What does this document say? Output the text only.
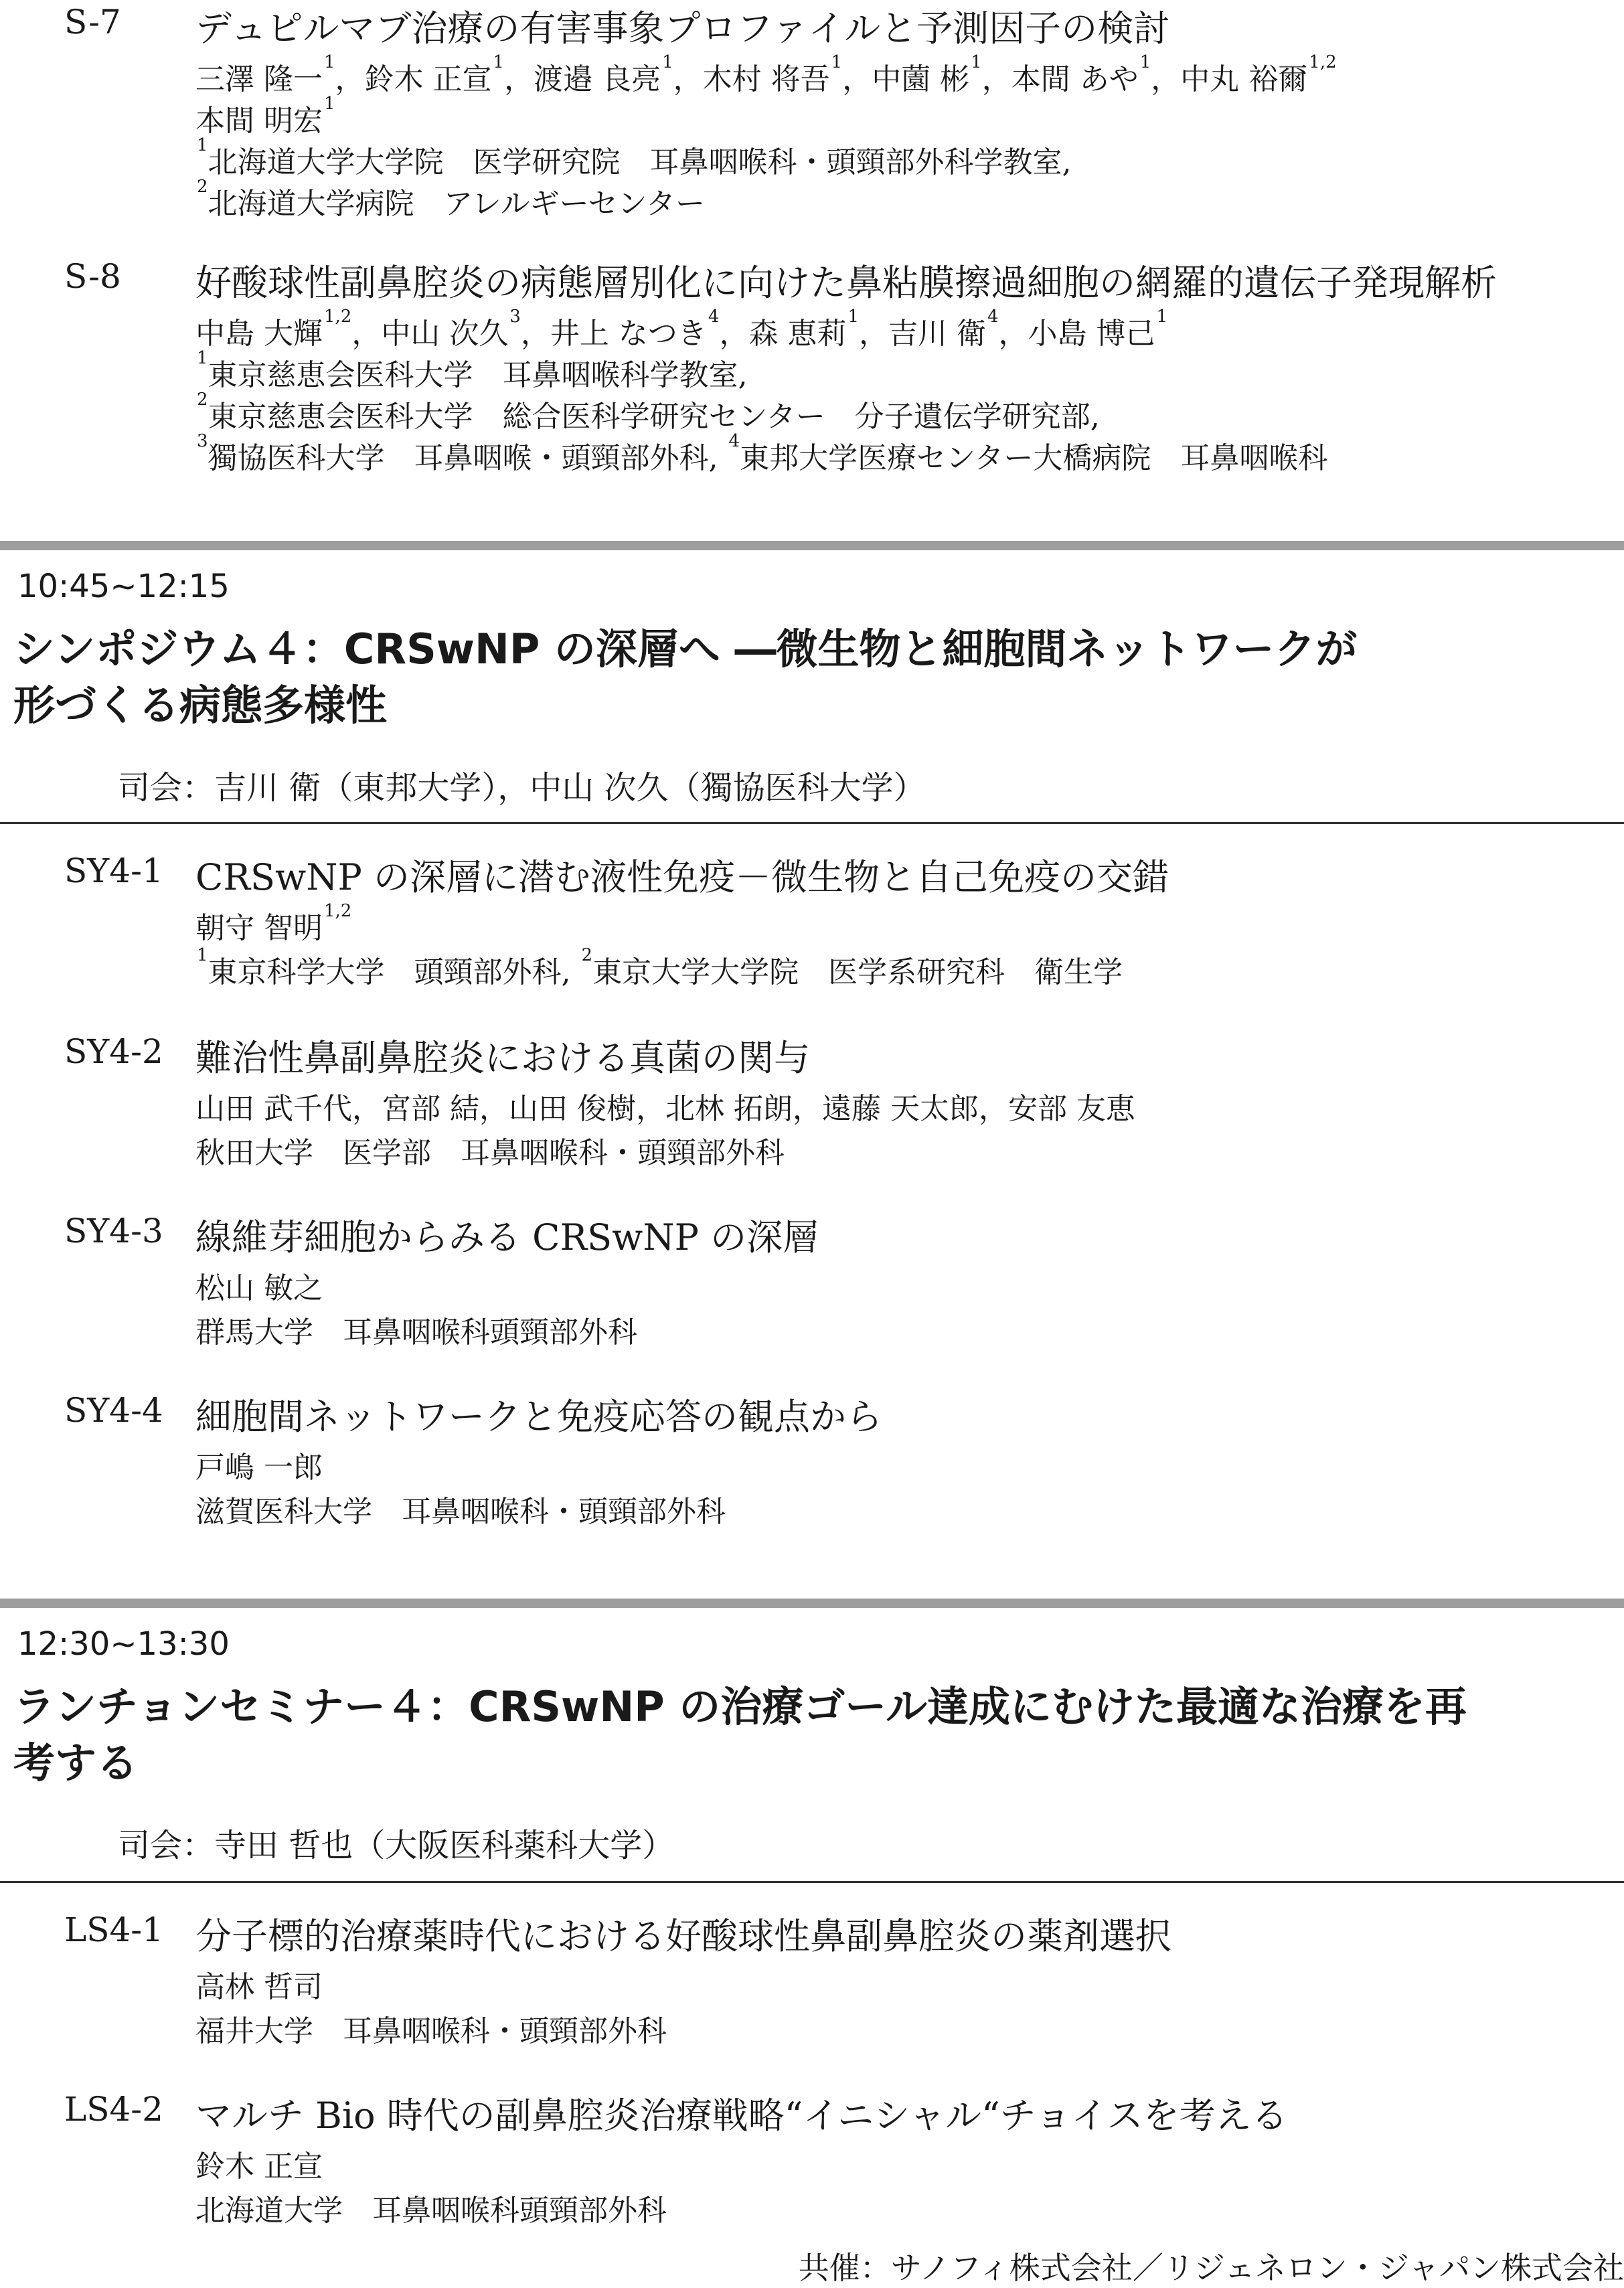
S-7 デュピルマブ治療の有害事象プロファイルと予測因子の検討
三澤 隆一$^1$，鈴木 正宣$^1$，渡邉 良亮$^1$，木村 将吾$^1$，中薗 彬$^1$，本間 あや$^1$，中丸 裕爾$^{1,2}$
本間 明宏$^1$
$^1$北海道大学大学院　医学研究院　耳鼻咽喉科・頭頸部外科学教室,
$^2$北海道大学病院　アレルギーセンター
S-8 好酸球性副鼻腔炎の病態層別化に向けた鼻粘膜擦過細胞の網羅的遺伝子発現解析
中島 大輝$^{1,2}$，中山 次久$^3$，井上 なつき$^4$，森 恵莉$^1$，吉川 衛$^4$，小島 博己$^1$
$^1$東京慈恵会医科大学　耳鼻咽喉科学教室,
$^2$東京慈恵会医科大学　総合医科学研究センター　分子遺伝学研究部,
$^3$獨協医科大学　耳鼻咽喉・頭頸部外科, $^4$東邦大学医療センター大橋病院　耳鼻咽喉科
10:45~12:15
シンポジウム４：CRSwNP の深層へ ―微生物と細胞間ネットワークが
形づくる病態多様性
司会：吉川 衛（東邦大学），中山 次久（獨協医科大学）
SY4-1 CRSwNP の深層に潜む液性免疫－微生物と自己免疫の交錯
朝守 智明$^{1,2}$
$^1$東京科学大学　頭頸部外科, $^2$東京大学大学院　医学系研究科　衛生学
SY4-2 難治性鼻副鼻腔炎における真菌の関与
山田 武千代，宮部 結，山田 俊樹，北林 拓朗，遠藤 天太郎，安部 友恵
秋田大学　医学部　耳鼻咽喉科・頭頸部外科
SY4-3 線維芽細胞からみる CRSwNP の深層
松山 敏之
群馬大学　耳鼻咽喉科頭頸部外科
SY4-4 細胞間ネットワークと免疫応答の観点から
戸嶋 一郎
滋賀医科大学　耳鼻咽喉科・頭頸部外科
12:30~13:30
ランチョンセミナー４：CRSwNP の治療ゴール達成にむけた最適な治療を再
考する
司会：寺田 哲也（大阪医科薬科大学）
LS4-1 分子標的治療薬時代における好酸球性鼻副鼻腔炎の薬剤選択
高林 哲司
福井大学　耳鼻咽喉科・頭頸部外科
LS4-2 マルチ Bio 時代の副鼻腔炎治療戦略“イニシャル“チョイスを考える
鈴木 正宣
北海道大学　耳鼻咽喉科頭頸部外科
共催：サノフィ株式会社／リジェネロン・ジャパン株式会社
